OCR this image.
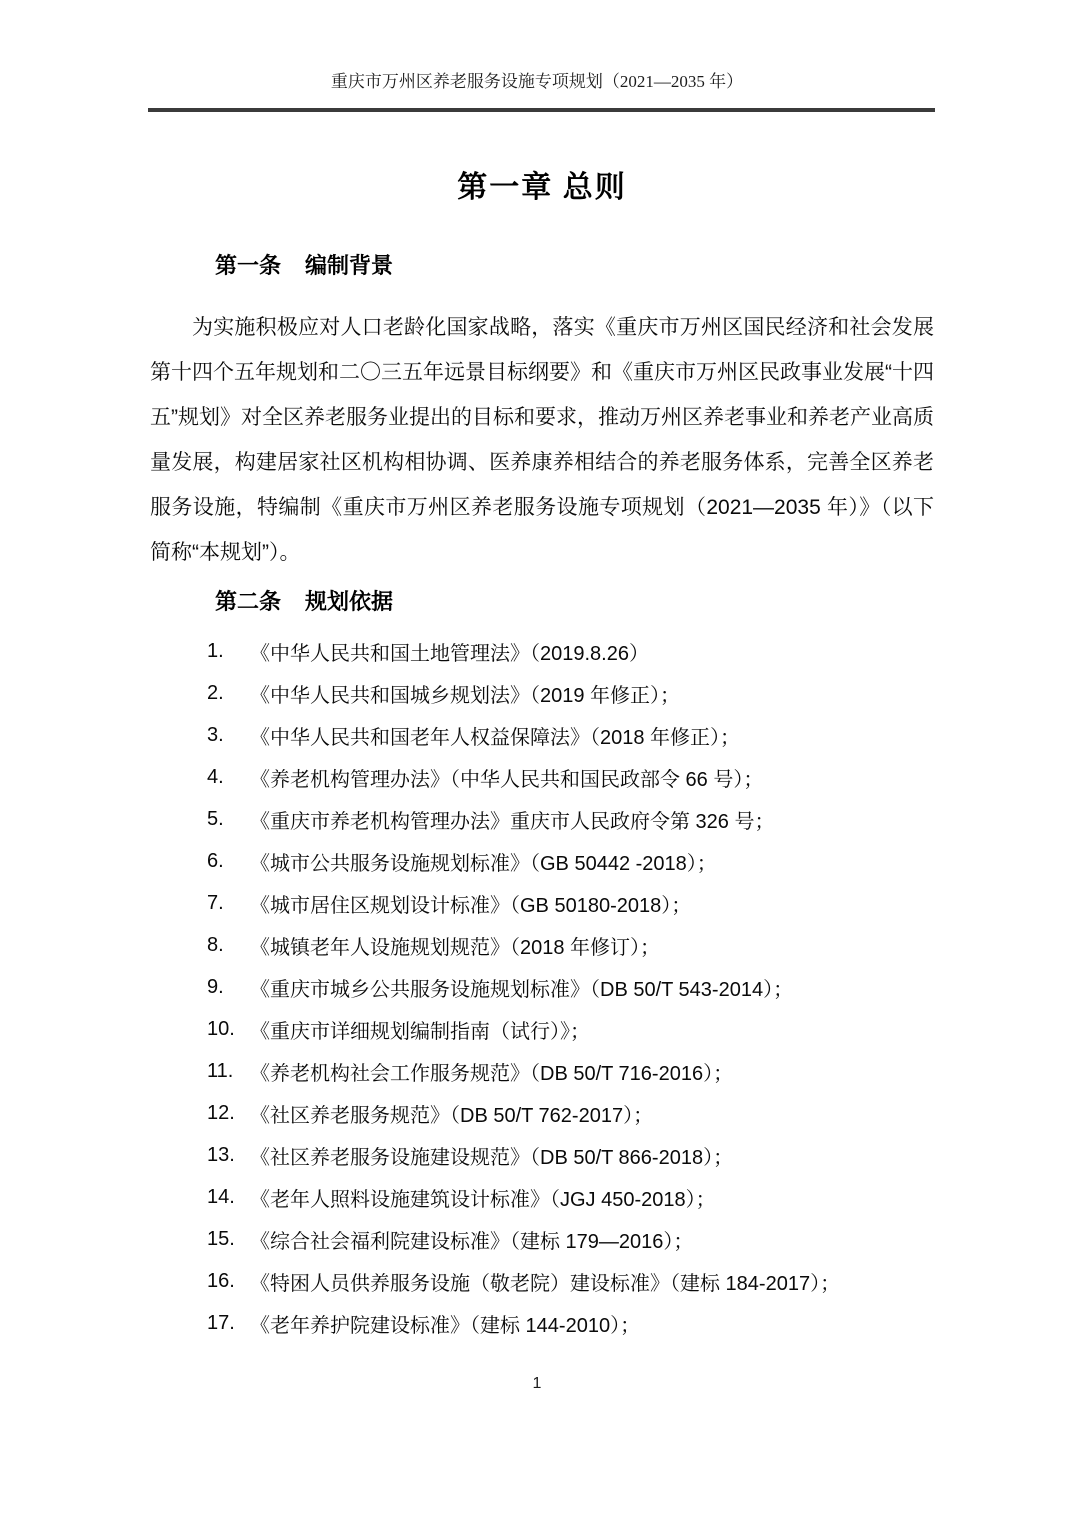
重庆市万州区养老服务设施专项规划（2021—2035 年）
第一章 总则
第一条 编制背景

为实施积极应对人口老龄化国家战略，落实《重庆市万州区国民经济和社会发展第十四个五年规划和二〇三五年远景目标纲要》和《重庆市万州区民政事业发展“十四五”规划》对全区养老服务业提出的目标和要求，推动万州区养老事业和养老产业高质量发展，构建居家社区机构相协调、医养康养相结合的养老服务体系，完善全区养老服务设施，特编制《重庆市万州区养老服务设施专项规划（2021—2035 年）》（以下简称“本规划”）。

第二条 规划依据
1.	《中华人民共和国土地管理法》（2019.8.26）
2.	《中华人民共和国城乡规划法》（2019 年修正）；
3.	《中华人民共和国老年人权益保障法》（2018 年修正）；
4.	《养老机构管理办法》（中华人民共和国民政部令 66 号）；
5.	《重庆市养老机构管理办法》重庆市人民政府令第 326 号；
6.	《城市公共服务设施规划标准》（GB 50442 -2018）；
7.	《城市居住区规划设计标准》（GB 50180-2018）；
8.	《城镇老年人设施规划规范》（2018 年修订）；
9.	《重庆市城乡公共服务设施规划标准》（DB 50/T 543-2014）；
10. 《重庆市详细规划编制指南（试行）》；
11. 《养老机构社会工作服务规范》（DB 50/T 716-2016）；
12. 《社区养老服务规范》（DB 50/T 762-2017）；
13. 《社区养老服务设施建设规范》（DB 50/T 866-2018）；
14. 《老年人照料设施建筑设计标准》（JGJ 450-2018）；
15. 《综合社会福利院建设标准》（建标 179—2016）；
16. 《特困人员供养服务设施（敬老院）建设标准》（建标 184-2017）；
17. 《老年养护院建设标准》（建标 144-2010）；
1
